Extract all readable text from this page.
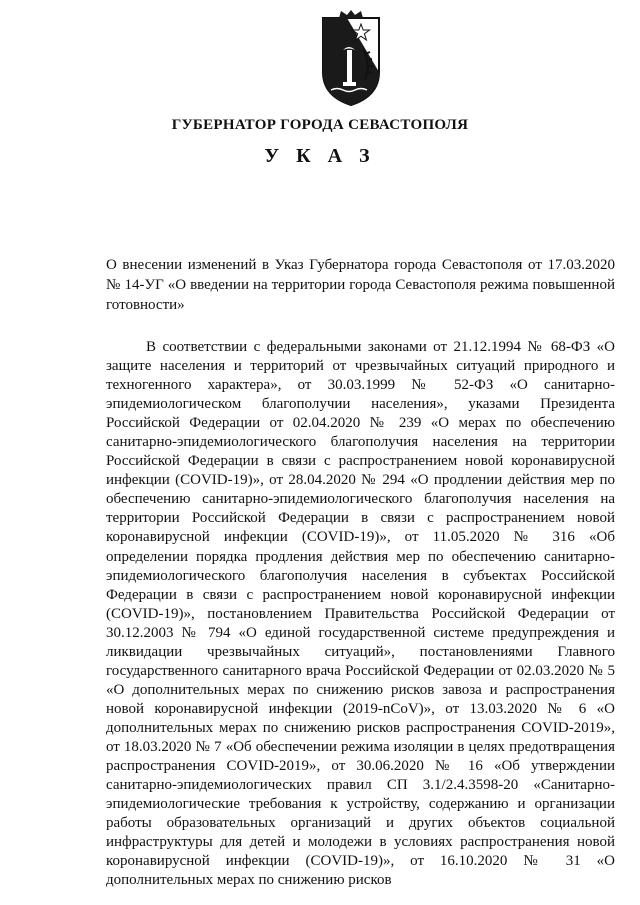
ГУБЕРНАТОР ГОРОДА СЕВАСТОПОЛЯ
У К А З
О внесении изменений в Указ Губернатора города Севастополя от 17.03.2020 № 14-УГ «О введении на территории города Севастополя режима повышенной готовности»

В соответствии с федеральными законами от 21.12.1994 № 68-ФЗ «О защите населения и территорий от чрезвычайных ситуаций природного и техногенного характера», от 30.03.1999 № 52-ФЗ «О санитарно-эпидемиологическом благополучии населения», указами Президента Российской Федерации от 02.04.2020 № 239 «О мерах по обеспечению санитарно-эпидемиологического благополучия населения на территории Российской Федерации в связи с распространением новой коронавирусной инфекции (COVID-19)», от 28.04.2020 № 294 «О продлении действия мер по обеспечению санитарно-эпидемиологического благополучия населения на территории Российской Федерации в связи с распространением новой коронавирусной инфекции (COVID-19)», от 11.05.2020 № 316 «Об определении порядка продления действия мер по обеспечению санитарно-эпидемиологического благополучия населения в субъектах Российской Федерации в связи с распространением новой коронавирусной инфекции (COVID-19)», постановлением Правительства Российской Федерации от 30.12.2003 № 794 «О единой государственной системе предупреждения и ликвидации чрезвычайных ситуаций», постановлениями Главного государственного санитарного врача Российской Федерации от 02.03.2020 № 5 «О дополнительных мерах по снижению рисков завоза и распространения новой коронавирусной инфекции (2019-nCoV)», от 13.03.2020 № 6 «О дополнительных мерах по снижению рисков распространения COVID-2019», от 18.03.2020 № 7 «Об обеспечении режима изоляции в целях предотвращения распространения COVID-2019», от 30.06.2020 № 16 «Об утверждении санитарно-эпидемиологических правил СП 3.1/2.4.3598-20 «Санитарно-эпидемиологические требования к устройству, содержанию и организации работы образовательных организаций и других объектов социальной инфраструктуры для детей и молодежи в условиях распространения новой коронавирусной инфекции (COVID-19)», от 16.10.2020 № 31 «О дополнительных мерах по снижению рисков
